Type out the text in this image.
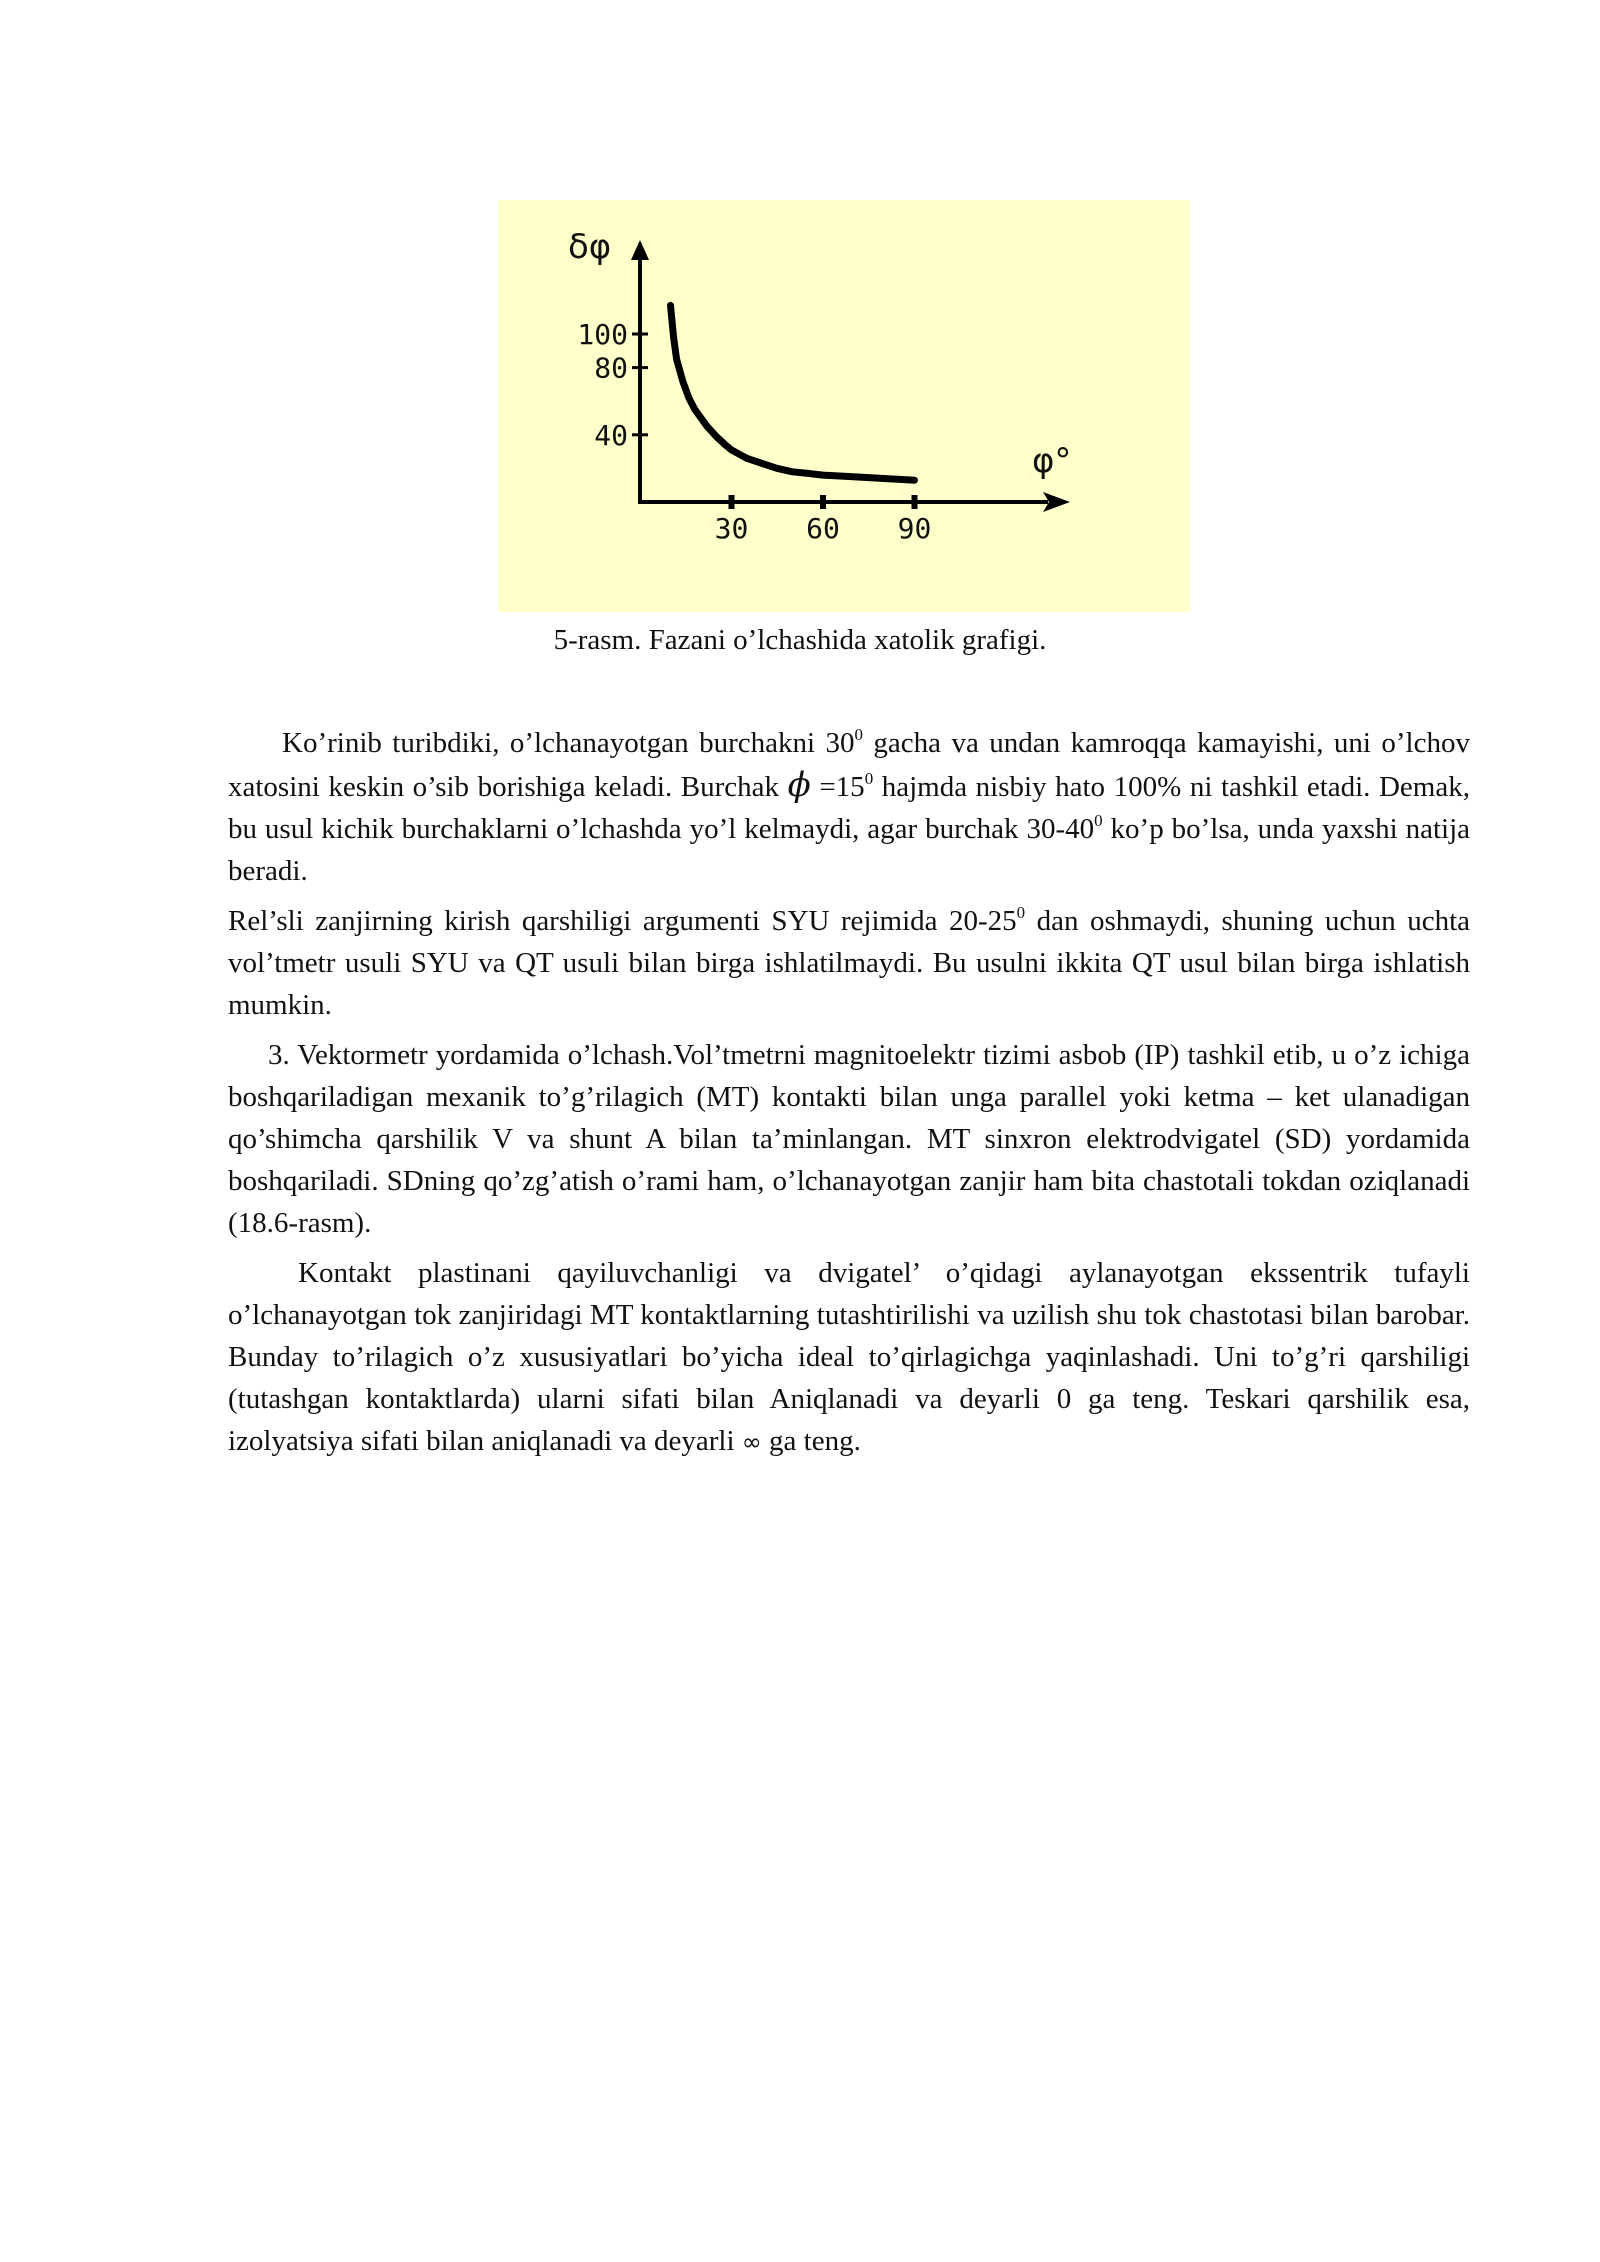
δφ
φ°
40
80
100
30 60 90
5-rasm. Fazani o’lchashida xatolik grafigi.

Ko’rinib turibdiki, o’lchanayotgan burchakni $30^0$ gacha va undan kamroqqa kamayishi, uni o’lchov xatosini keskin o’sib borishiga keladi. Burchak $\phi =15^0$ hajmda nisbiy hato 100% ni tashkil etadi. Demak, bu usul kichik burchaklarni o’lchashda yo’l kelmaydi, agar burchak $30-40^0$ ko’p bo’lsa, unda yaxshi natija beradi.

Rel’sli zanjirning kirish qarshiligi argumenti SYU rejimida $20-25^0$ dan oshmaydi, shuning uchun uchta vol’tmetr usuli SYU va QT usuli bilan birga ishlatilmaydi. Bu usulni ikkita QT usul bilan birga ishlatish mumkin.

3. Vektormetr yordamida o’lchash.Vol’tmetrni magnitoelektr tizimi asbob (IP) tashkil etib, u o’z ichiga boshqariladigan mexanik to’g’rilagich (MT) kontakti bilan unga parallel yoki ketma – ket ulanadigan qo’shimcha qarshilik V va shunt A bilan ta’minlangan. MT sinxron elektrodvigatel (SD) yordamida boshqariladi. SDning qo’zg’atish o’rami ham, o’lchanayotgan zanjir ham bita chastotali tokdan oziqlanadi (18.6-rasm).

Kontakt plastinani qayiluvchanligi va dvigatel’ o’qidagi aylanayotgan ekssentrik tufayli o’lchanayotgan tok zanjiridagi MT kontaktlarning tutashtirilishi va uzilish shu tok chastotasi bilan barobar. Bunday to’rilagich o’z xususiyatlari bo’yicha ideal to’qirlagichga yaqinlashadi. Uni to’g’ri qarshiligi (tutashgan kontaktlarda) ularni sifati bilan Aniqlanadi va deyarli 0 ga teng. Teskari qarshilik esa, izolyatsiya sifati bilan aniqlanadi va deyarli ∞ ga teng.
